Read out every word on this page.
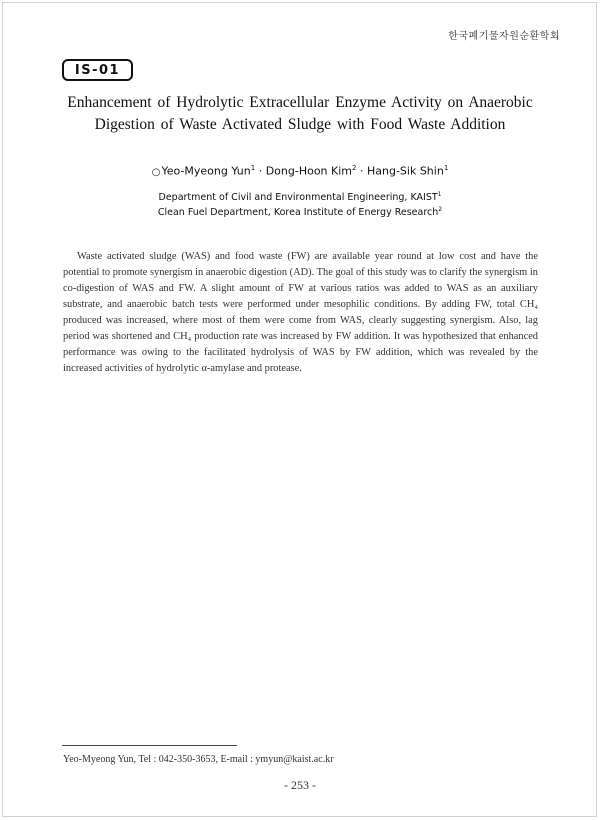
한국폐기물자원순환학회
IS-01
Enhancement of Hydrolytic Extracellular Enzyme Activity on Anaerobic
Digestion of Waste Activated Sludge with Food Waste Addition
○Yeo-Myeong Yun$^1$ · Dong-Hoon Kim$^2$ · Hang-Sik Shin$^1$
Department of Civil and Environmental Engineering, KAIST$^1$
Clean Fuel Department, Korea Institute of Energy Research$^2$
Waste activated sludge (WAS) and food waste (FW) are available year round at low cost and have the potential to promote synergism in anaerobic digestion (AD). The goal of this study was to clarify the synergism in co-digestion of WAS and FW. A slight amount of FW at various ratios was added to WAS as an auxiliary substrate, and anaerobic batch tests were performed under mesophilic conditions. By adding FW, total CH₄ produced was increased, where most of them were come from WAS, clearly suggesting synergism. Also, lag period was shortened and CH₄ production rate was increased by FW addition. It was hypothesized that enhanced performance was owing to the facilitated hydrolysis of WAS by FW addition, which was revealed by the increased activities of hydrolytic α-amylase and protease.
Yeo-Myeong Yun, Tel : 042-350-3653, E-mail : ymyun@kaist.ac.kr
- 253 -
